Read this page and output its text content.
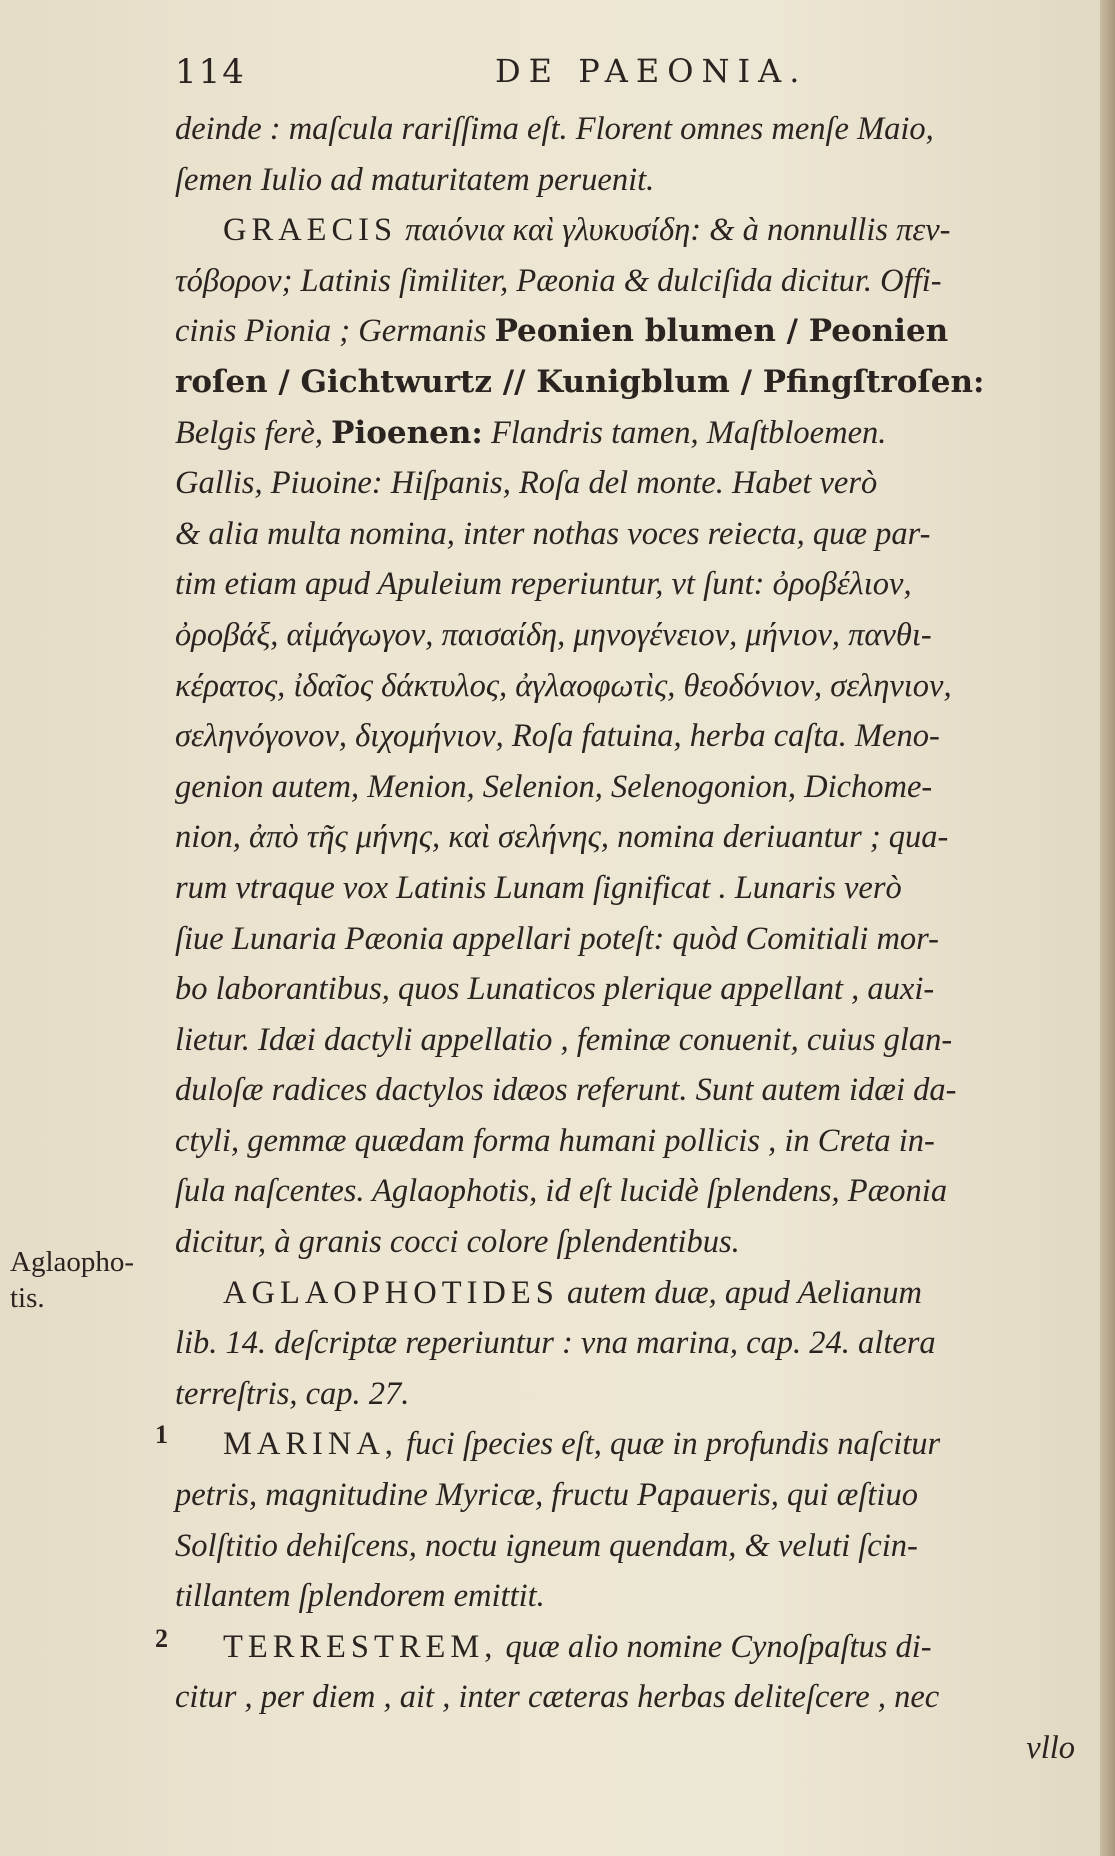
114	DE PAEONIA.
deinde : maſcula rariſſima eſt. Florent omnes menſe Maio,
ſemen Iulio ad maturitatem peruenit.
GRAECIS παιόνια καὶ γλυκυσίδη: & à nonnullis πεν-
τόβορον; Latinis ſimiliter, Pæonia & dulciſida dicitur. Offi-
cinis Pionia ; Germanis Peonien blumen / Peonien
roſen / Gichtwurtz // Kunigblum / Pfingſtroſen:
Belgis ferè, Pioenen: Flandris tamen, Maſtbloemen.
Gallis, Piuoine: Hiſpanis, Roſa del monte. Habet verò
& alia multa nomina, inter nothas voces reiecta, quæ par-
tim etiam apud Apuleium reperiuntur, vt ſunt: ὀροβέλιον,
ὀροβάξ, αἱμάγωγον, παισαίδη, μηνογένειον, μήνιον, πανθι-
κέρατος, ἰδαῖος δάκτυλος, ἀγλαοφωτὶς, θεοδόνιον, σεληνιον,
σεληνόγονον, διχομήνιον, Roſa fatuina, herba caſta. Meno-
genion autem, Menion, Selenion, Selenogonion, Dichome-
nion, ἀπὸ τῆς μήνης, καὶ σελήνης, nomina deriuantur ; qua-
rum vtraque vox Latinis Lunam ſignificat . Lunaris verò
ſiue Lunaria Pæonia appellari poteſt: quòd Comitiali mor-
bo laborantibus, quos Lunaticos plerique appellant , auxi-
lietur. Idæi dactyli appellatio , feminæ conuenit, cuius glan-
duloſæ radices dactylos idæos referunt. Sunt autem idæi da-
ctyli, gemmæ quædam forma humani pollicis , in Creta in-
ſula naſcentes. Aglaophotis, id eſt lucidè ſplendens, Pæonia
dicitur, à granis cocci colore ſplendentibus.
AGLAOPHOTIDES autem duæ, apud Aelianum
lib. 14. deſcriptæ reperiuntur : vna marina, cap. 24. altera
terreſtris, cap. 27.
MARINA, fuci ſpecies eſt, quæ in profundis naſcitur
petris, magnitudine Myricæ, fructu Papaueris, qui æſtiuo
Solſtitio dehiſcens, noctu igneum quendam, & veluti ſcin-
tillantem ſplendorem emittit.
TERRESTREM, quæ alio nomine Cynoſpaſtus di-
citur , per diem , ait , inter cæteras herbas deliteſcere , nec
vllo
Aglaopho-
tis.
1
2
